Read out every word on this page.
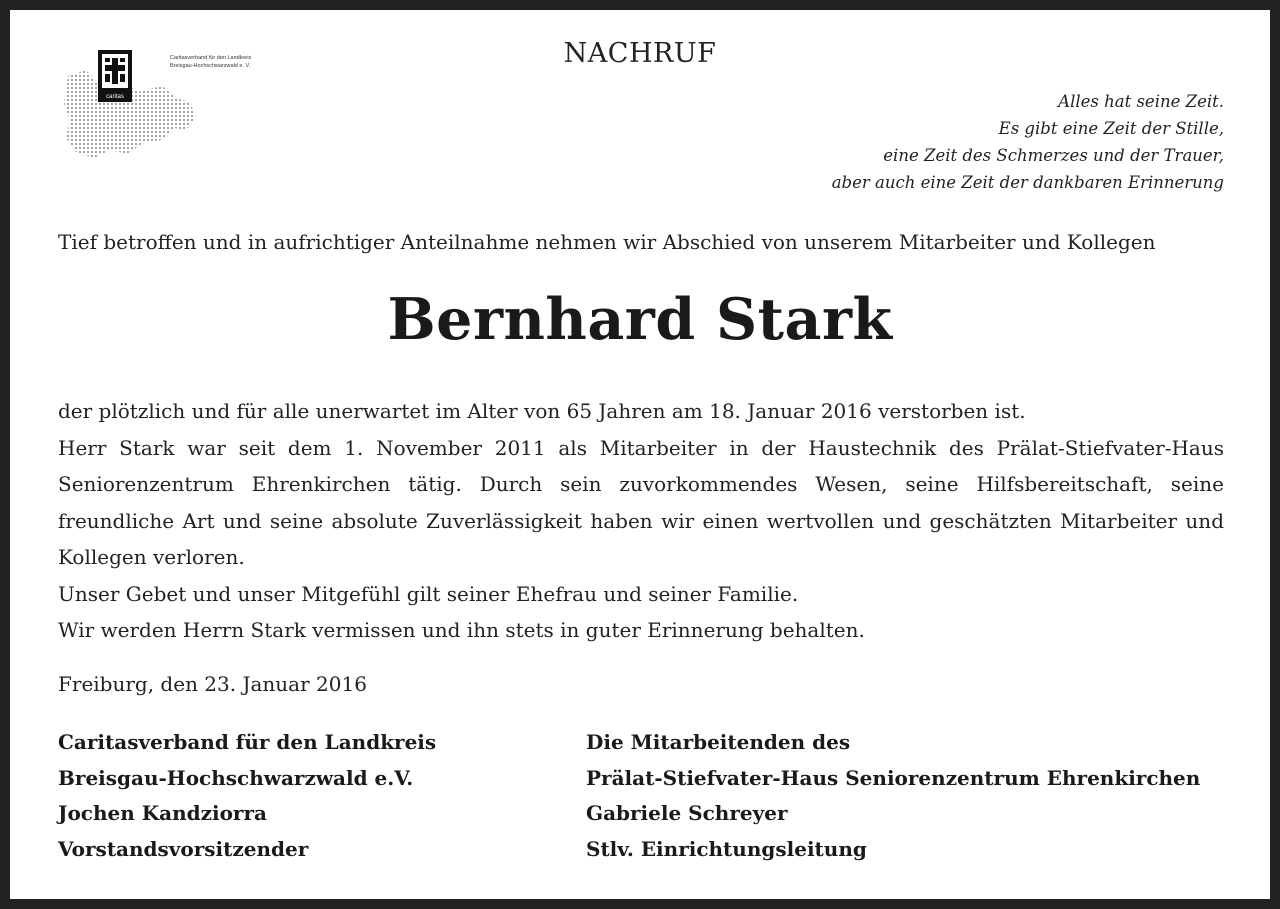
caritas
Caritasverband für den Landkreis
Breisgau-Hochschwarzwald e. V.	NACHRUF
Alles hat seine Zeit.
Es gibt eine Zeit der Stille,
eine Zeit des Schmerzes und der Trauer,
aber auch eine Zeit der dankbaren Erinnerung
Tief betroffen und in aufrichtiger Anteilnahme nehmen wir Abschied von unserem Mitarbeiter und Kollegen
Bernhard Stark

der plötzlich und für alle unerwartet im Alter von 65 Jahren am 18. Januar 2016 verstorben ist.

Herr Stark war seit dem 1. November 2011 als Mitarbeiter in der Haustechnik des Prälat-Stiefvater-Haus Seniorenzentrum Ehrenkirchen tätig. Durch sein zuvorkommendes Wesen, seine Hilfsbereitschaft, seine freundliche Art und seine absolute Zuverlässigkeit haben wir einen wertvollen und geschätzten Mitarbeiter und Kollegen verloren.

Unser Gebet und unser Mitgefühl gilt seiner Ehefrau und seiner Familie.

Wir werden Herrn Stark vermissen und ihn stets in guter Erinnerung behalten.

Freiburg, den 23. Januar 2016
Caritasverband für den Landkreis
Breisgau-Hochschwarzwald e.V.
Jochen Kandziorra
Vorstandsvorsitzender
Die Mitarbeitenden des
Prälat-Stiefvater-Haus Seniorenzentrum Ehrenkirchen
Gabriele Schreyer
Stlv. Einrichtungsleitung
